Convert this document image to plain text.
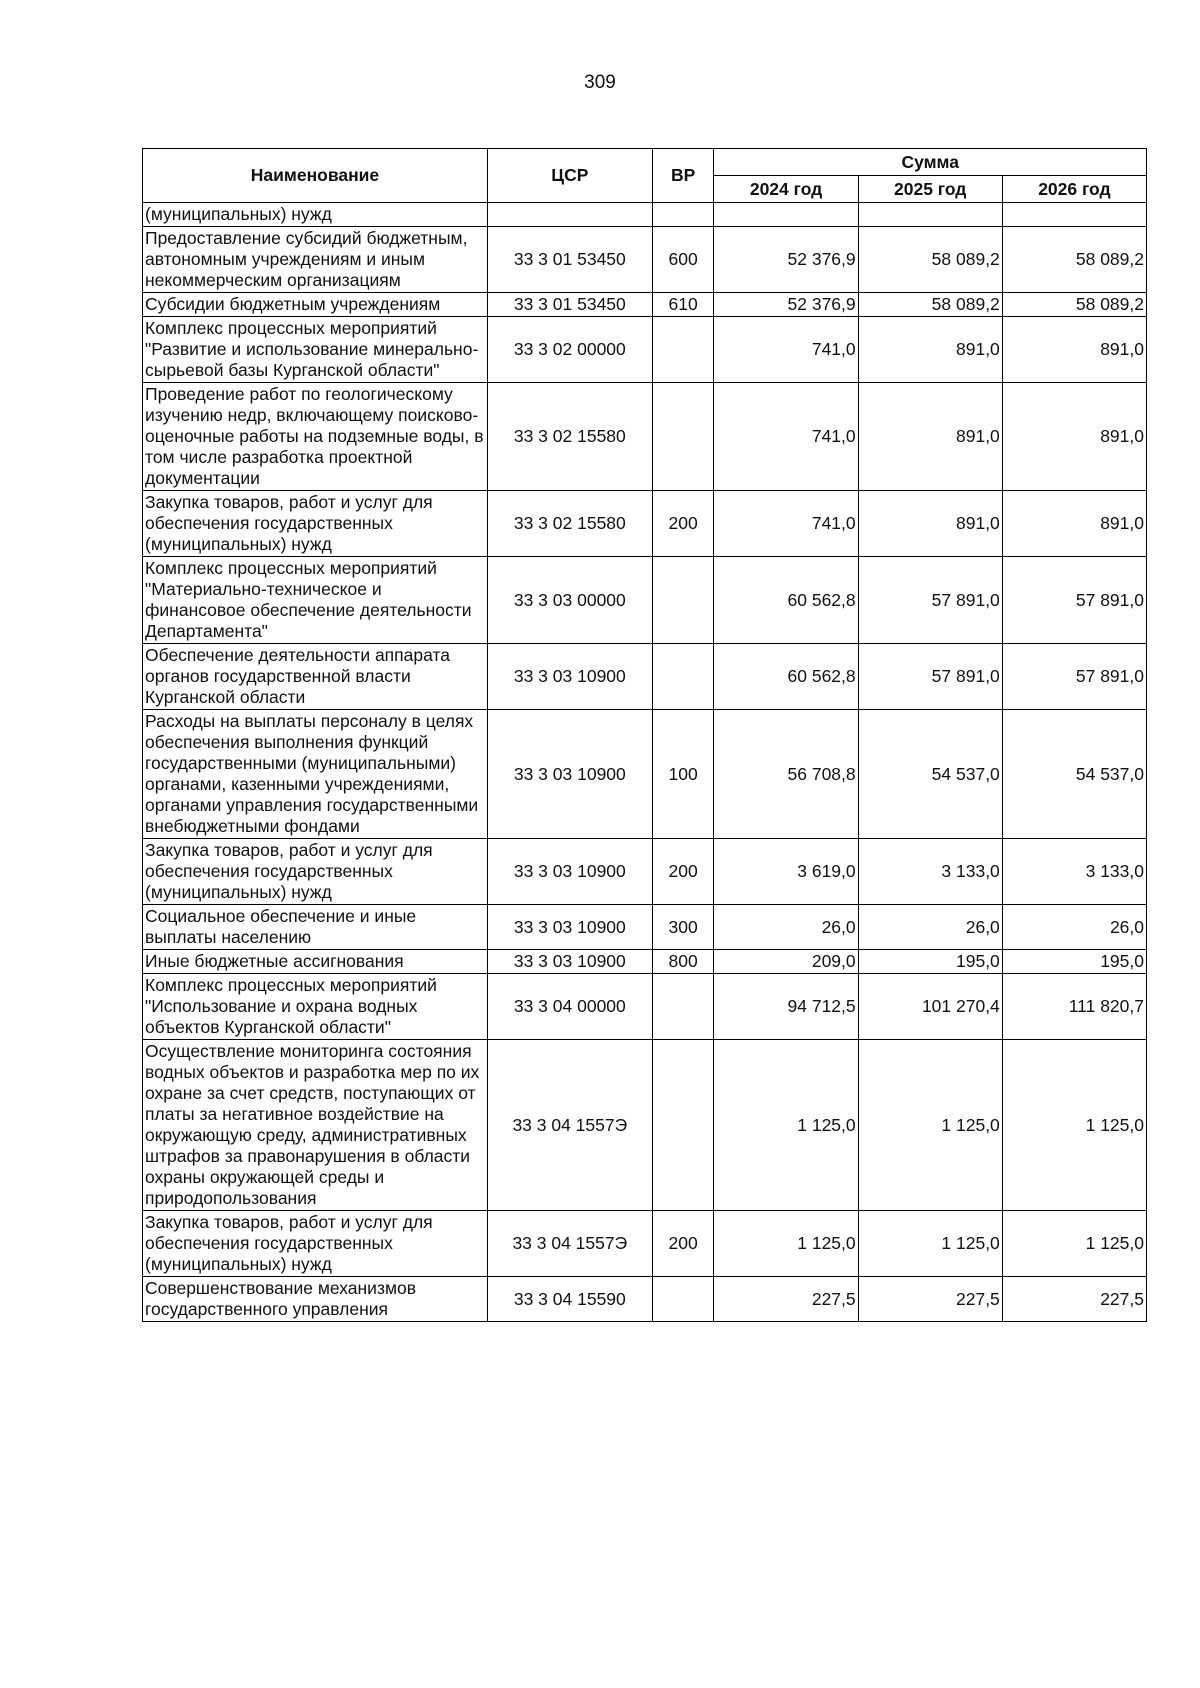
309
Наименование	ЦСР	ВР	Сумма		
			2024 год	2025 год	2026 год
(муниципальных) нужд					
Предоставление субсидий бюджетным, автономным учреждениям и иным некоммерческим организациям	33 3 01 53450	600	52 376,9	58 089,2	58 089,2
Субсидии бюджетным учреждениям	33 3 01 53450	610	52 376,9	58 089,2	58 089,2
Комплекс процессных мероприятий "Развитие и использование минерально-сырьевой базы Курганской области"	33 3 02 00000		741,0	891,0	891,0
Проведение работ по геологическому изучению недр, включающему поисково-оценочные работы на подземные воды, в том числе разработка проектной документации	33 3 02 15580		741,0	891,0	891,0
Закупка товаров, работ и услуг для обеспечения государственных (муниципальных) нужд	33 3 02 15580	200	741,0	891,0	891,0
Комплекс процессных мероприятий "Материально-техническое и финансовое обеспечение деятельности Департамента"	33 3 03 00000		60 562,8	57 891,0	57 891,0
Обеспечение деятельности аппарата органов государственной власти Курганской области	33 3 03 10900		60 562,8	57 891,0	57 891,0
Расходы на выплаты персоналу в целях обеспечения выполнения функций государственными (муниципальными) органами, казенными учреждениями, органами управления государственными внебюджетными фондами	33 3 03 10900	100	56 708,8	54 537,0	54 537,0
Закупка товаров, работ и услуг для обеспечения государственных (муниципальных) нужд	33 3 03 10900	200	3 619,0	3 133,0	3 133,0
Социальное обеспечение и иные выплаты населению	33 3 03 10900	300	26,0	26,0	26,0
Иные бюджетные ассигнования	33 3 03 10900	800	209,0	195,0	195,0
Комплекс процессных мероприятий "Использование и охрана водных объектов Курганской области"	33 3 04 00000		94 712,5	101 270,4	111 820,7
Осуществление мониторинга состояния водных объектов и разработка мер по их охране за счет средств, поступающих от платы за негативное воздействие на окружающую среду, административных штрафов за правонарушения в области охраны окружающей среды и природопользования	33 3 04 1557Э		1 125,0	1 125,0	1 125,0
Закупка товаров, работ и услуг для обеспечения государственных (муниципальных) нужд	33 3 04 1557Э	200	1 125,0	1 125,0	1 125,0
Совершенствование механизмов государственного управления	33 3 04 15590		227,5	227,5	227,5
